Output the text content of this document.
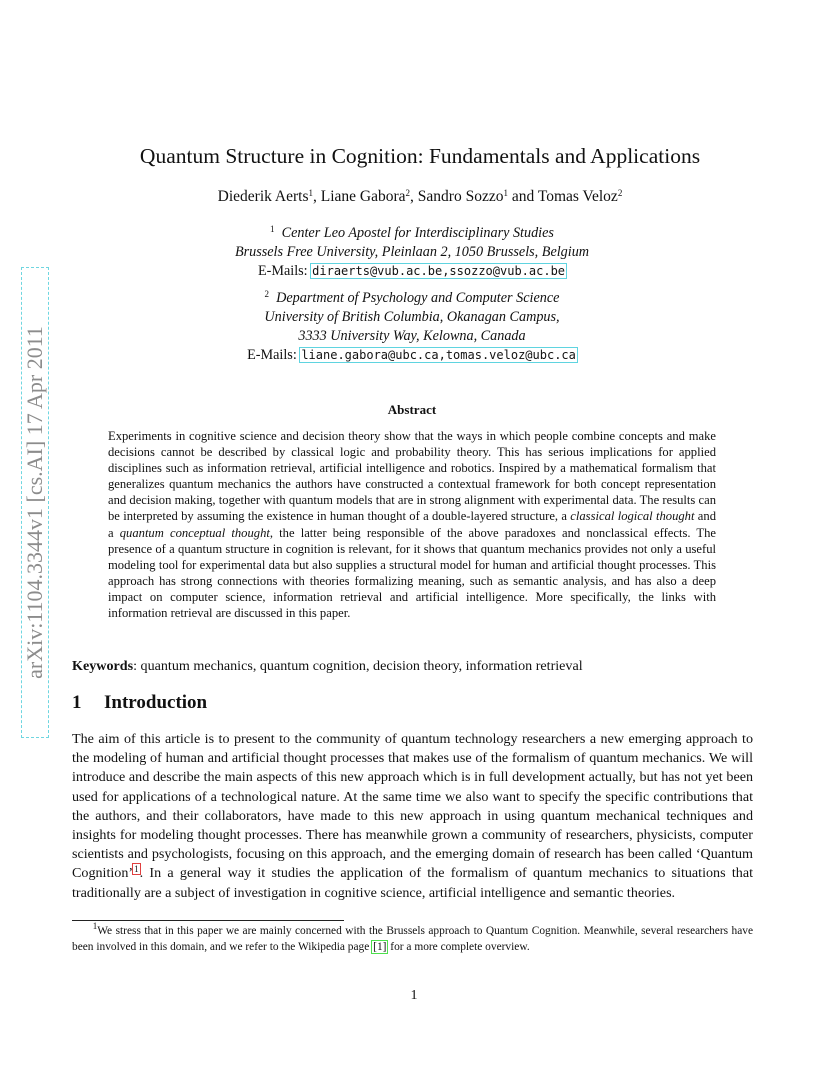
arXiv:1104.3344v1 [cs.AI] 17 Apr 2011
Quantum Structure in Cognition: Fundamentals and Applications
Diederik Aerts$^1$, Liane Gabora$^2$, Sandro Sozzo$^1$ and Tomas Veloz$^2$
$^1$ Center Leo Apostel for Interdisciplinary Studies
Brussels Free University, Pleinlaan 2, 1050 Brussels, Belgium
E-Mails: diraerts@vub.ac.be,ssozzo@vub.ac.be
$^2$ Department of Psychology and Computer Science
University of British Columbia, Okanagan Campus,
3333 University Way, Kelowna, Canada
E-Mails: liane.gabora@ubc.ca,tomas.veloz@ubc.ca
Abstract
Experiments in cognitive science and decision theory show that the ways in which people combine concepts and make decisions cannot be described by classical logic and probability theory. This has serious implications for applied disciplines such as information retrieval, artificial intelligence and robotics. Inspired by a mathematical formalism that generalizes quantum mechanics the authors have constructed a contextual framework for both concept representation and decision making, together with quantum models that are in strong alignment with experimental data. The results can be interpreted by assuming the existence in human thought of a double-layered structure, a classical logical thought and a quantum conceptual thought, the latter being responsible of the above paradoxes and nonclassical effects. The presence of a quantum structure in cognition is relevant, for it shows that quantum mechanics provides not only a useful modeling tool for experimental data but also supplies a structural model for human and artificial thought processes. This approach has strong connections with theories formalizing meaning, such as semantic analysis, and has also a deep impact on computer science, information retrieval and artificial intelligence. More specifically, the links with information retrieval are discussed in this paper.
Keywords: quantum mechanics, quantum cognition, decision theory, information retrieval
1 Introduction
The aim of this article is to present to the community of quantum technology researchers a new emerging approach to the modeling of human and artificial thought processes that makes use of the formalism of quantum mechanics. We will introduce and describe the main aspects of this new approach which is in full development actually, but has not yet been used for applications of a technological nature. At the same time we also want to specify the specific contributions that the authors, and their collaborators, have made to this new approach in using quantum mechanical techniques and insights for modeling thought processes. There has meanwhile grown a community of researchers, physicists, computer scientists and psychologists, focusing on this approach, and the emerging domain of research has been called ‘Quantum Cognition’$^1$. In a general way it studies the application of the formalism of quantum mechanics to situations that traditionally are a subject of investigation in cognitive science, artificial intelligence and semantic theories.
$^1$We stress that in this paper we are mainly concerned with the Brussels approach to Quantum Cognition. Meanwhile, several researchers have been involved in this domain, and we refer to the Wikipedia page [1] for a more complete overview.
1
